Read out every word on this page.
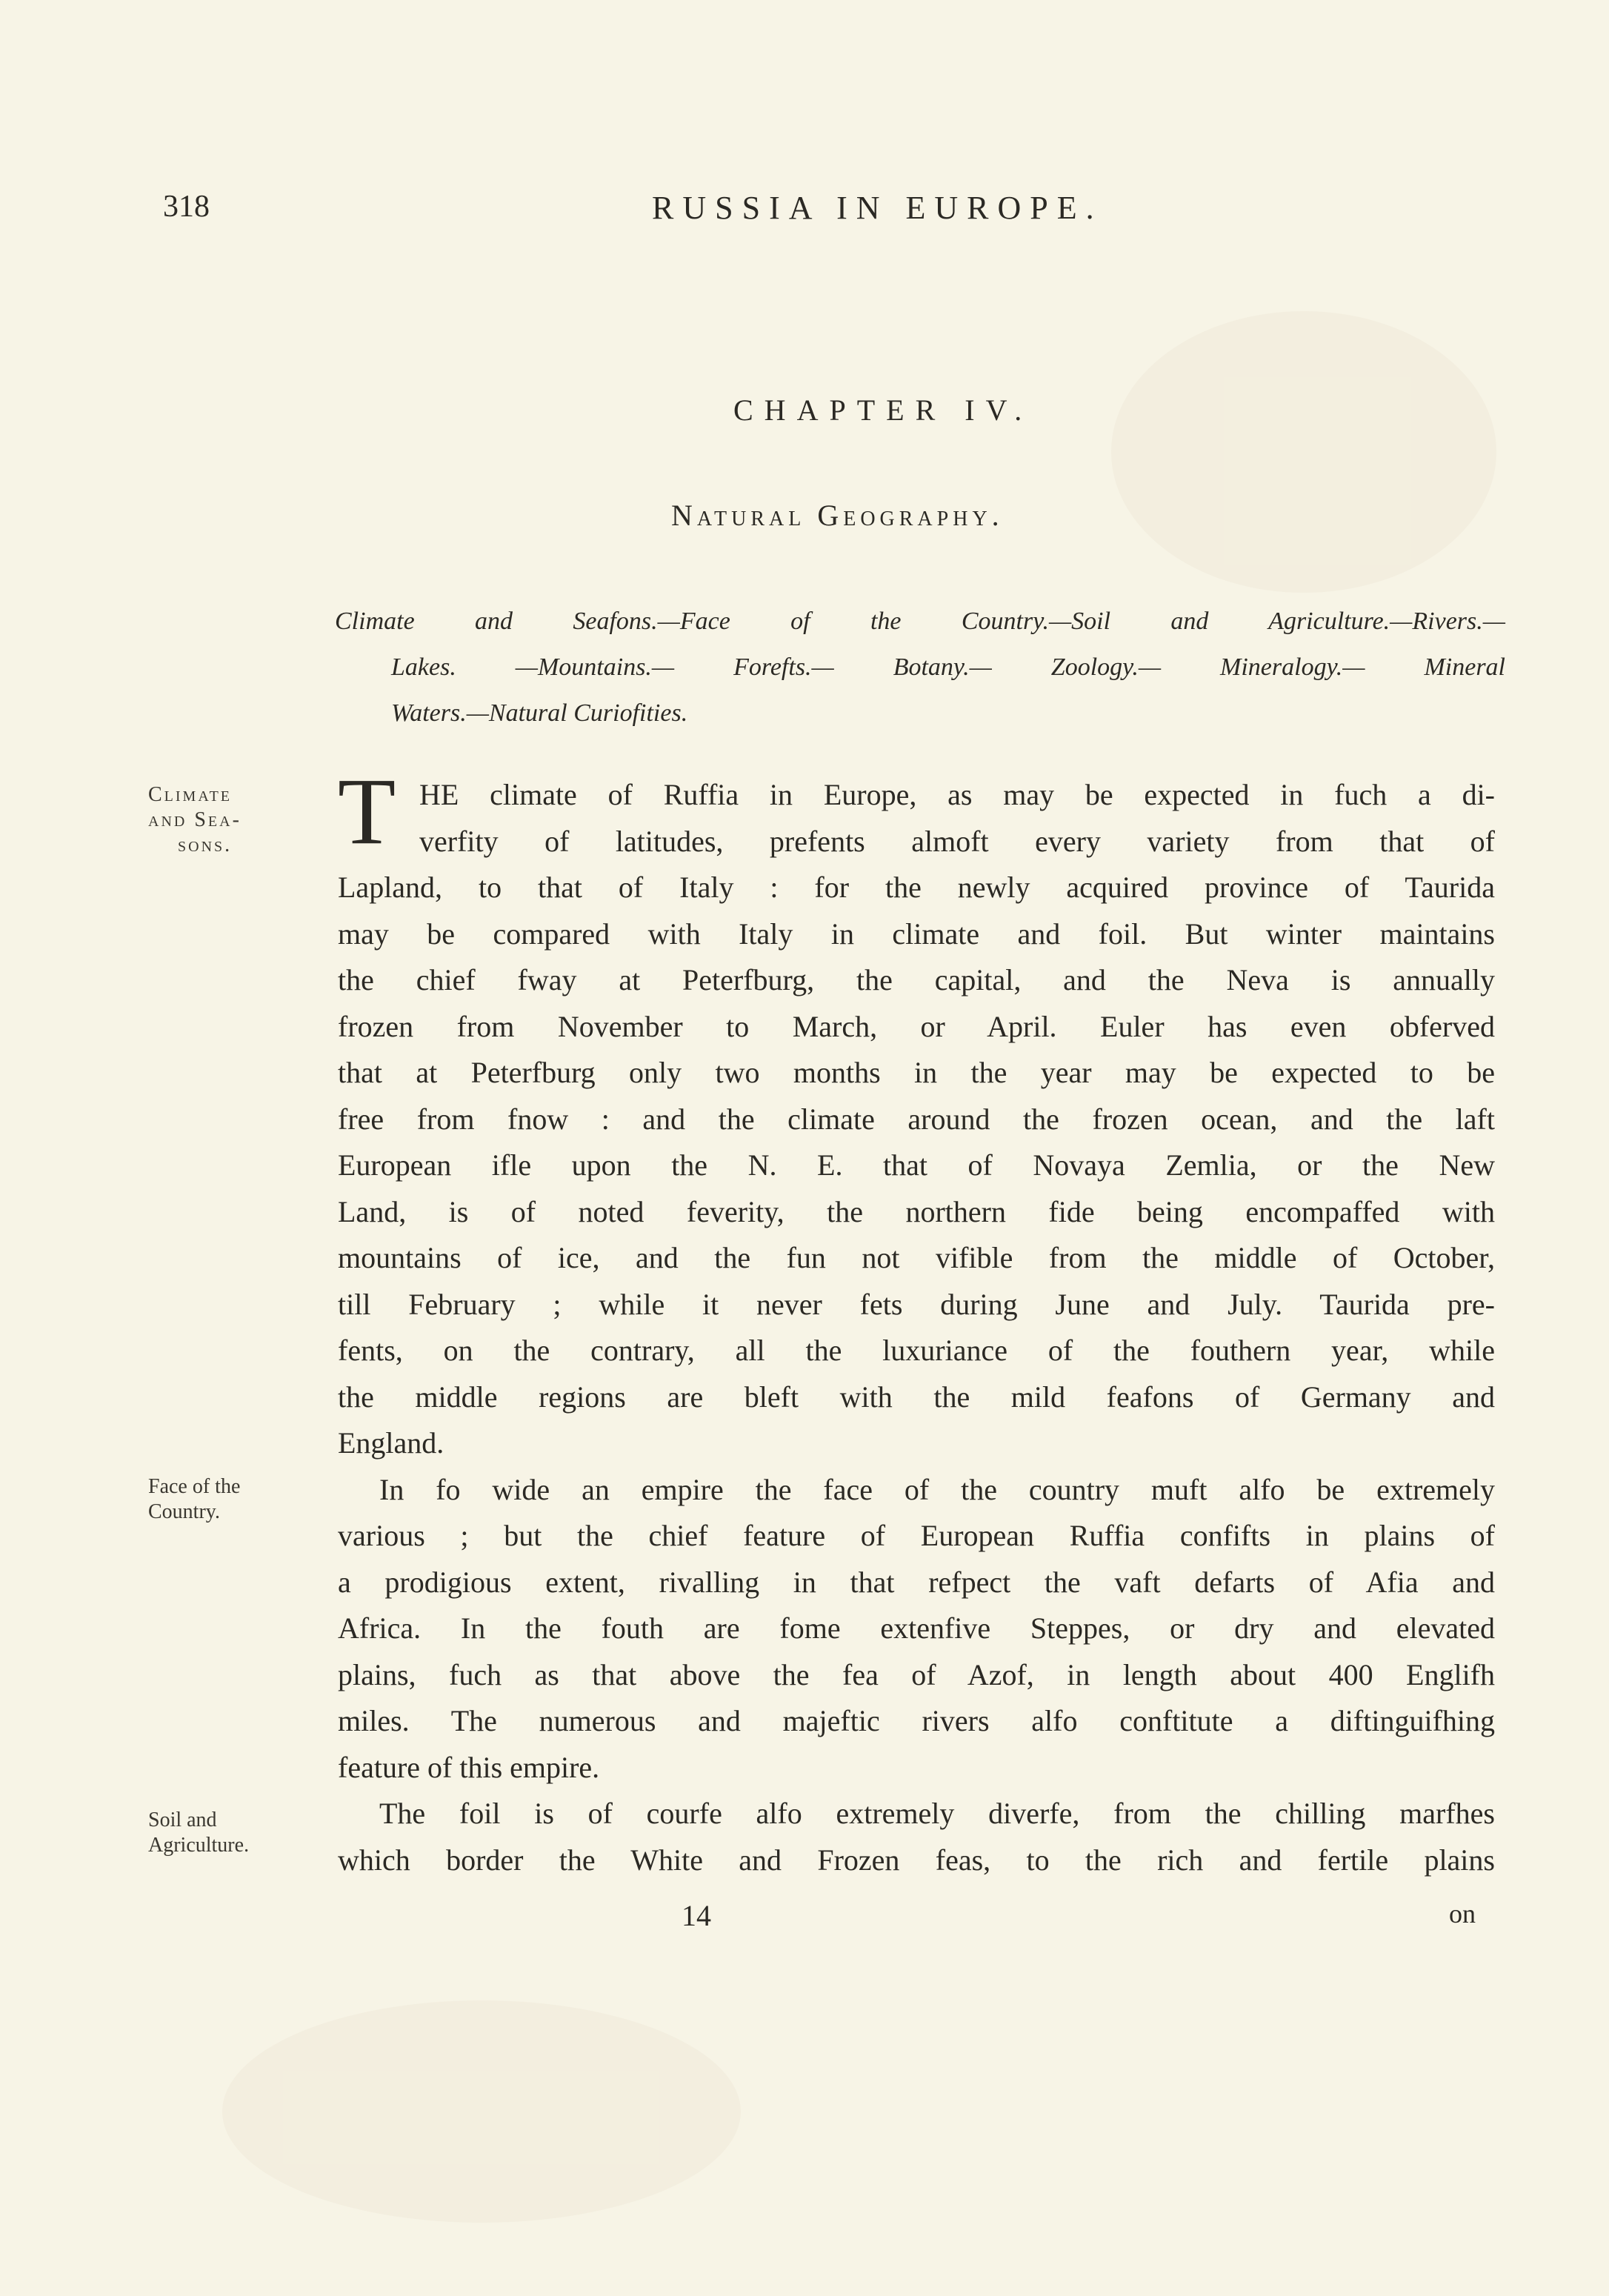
318	RUSSIA IN EUROPE.
CHAPTER IV.
Natural Geography.
Climate and Seafons.—Face of the Country.—Soil and Agriculture.—Rivers.—
Lakes. —Mountains.— Forefts.— Botany.— Zoology.— Mineralogy.— Mineral
Waters.—Natural Curiofities.
Climate
and Sea-
sons.
Face of the
Country.
Soil and
Agriculture.

T HE climate of Ruffia in Europe, as may be expected in fuch a di-
verfity of latitudes, prefents almoft every variety from that of
Lapland, to that of Italy : for the newly acquired province of Taurida
may be compared with Italy in climate and foil. But winter maintains
the chief fway at Peterfburg, the capital, and the Neva is annually
frozen from November to March, or April. Euler has even obferved
that at Peterfburg only two months in the year may be expected to be
free from fnow : and the climate around the frozen ocean, and the laft
European ifle upon the N. E. that of Novaya Zemlia, or the New
Land, is of noted feverity, the northern fide being encompaffed with
mountains of ice, and the fun not vifible from the middle of October,
till February ; while it never fets during June and July. Taurida pre-
fents, on the contrary, all the luxuriance of the fouthern year, while
the middle regions are bleft with the mild feafons of Germany and
England.

In fo wide an empire the face of the country muft alfo be extremely
various ; but the chief feature of European Ruffia confifts in plains of
a prodigious extent, rivalling in that refpect the vaft defarts of Afia and
Africa. In the fouth are fome extenfive Steppes, or dry and elevated
plains, fuch as that above the fea of Azof, in length about 400 Englifh
miles. The numerous and majeftic rivers alfo conftitute a diftinguifhing
feature of this empire.

The foil is of courfe alfo extremely diverfe, from the chilling marfhes
which border the White and Frozen feas, to the rich and fertile plains

14	on
